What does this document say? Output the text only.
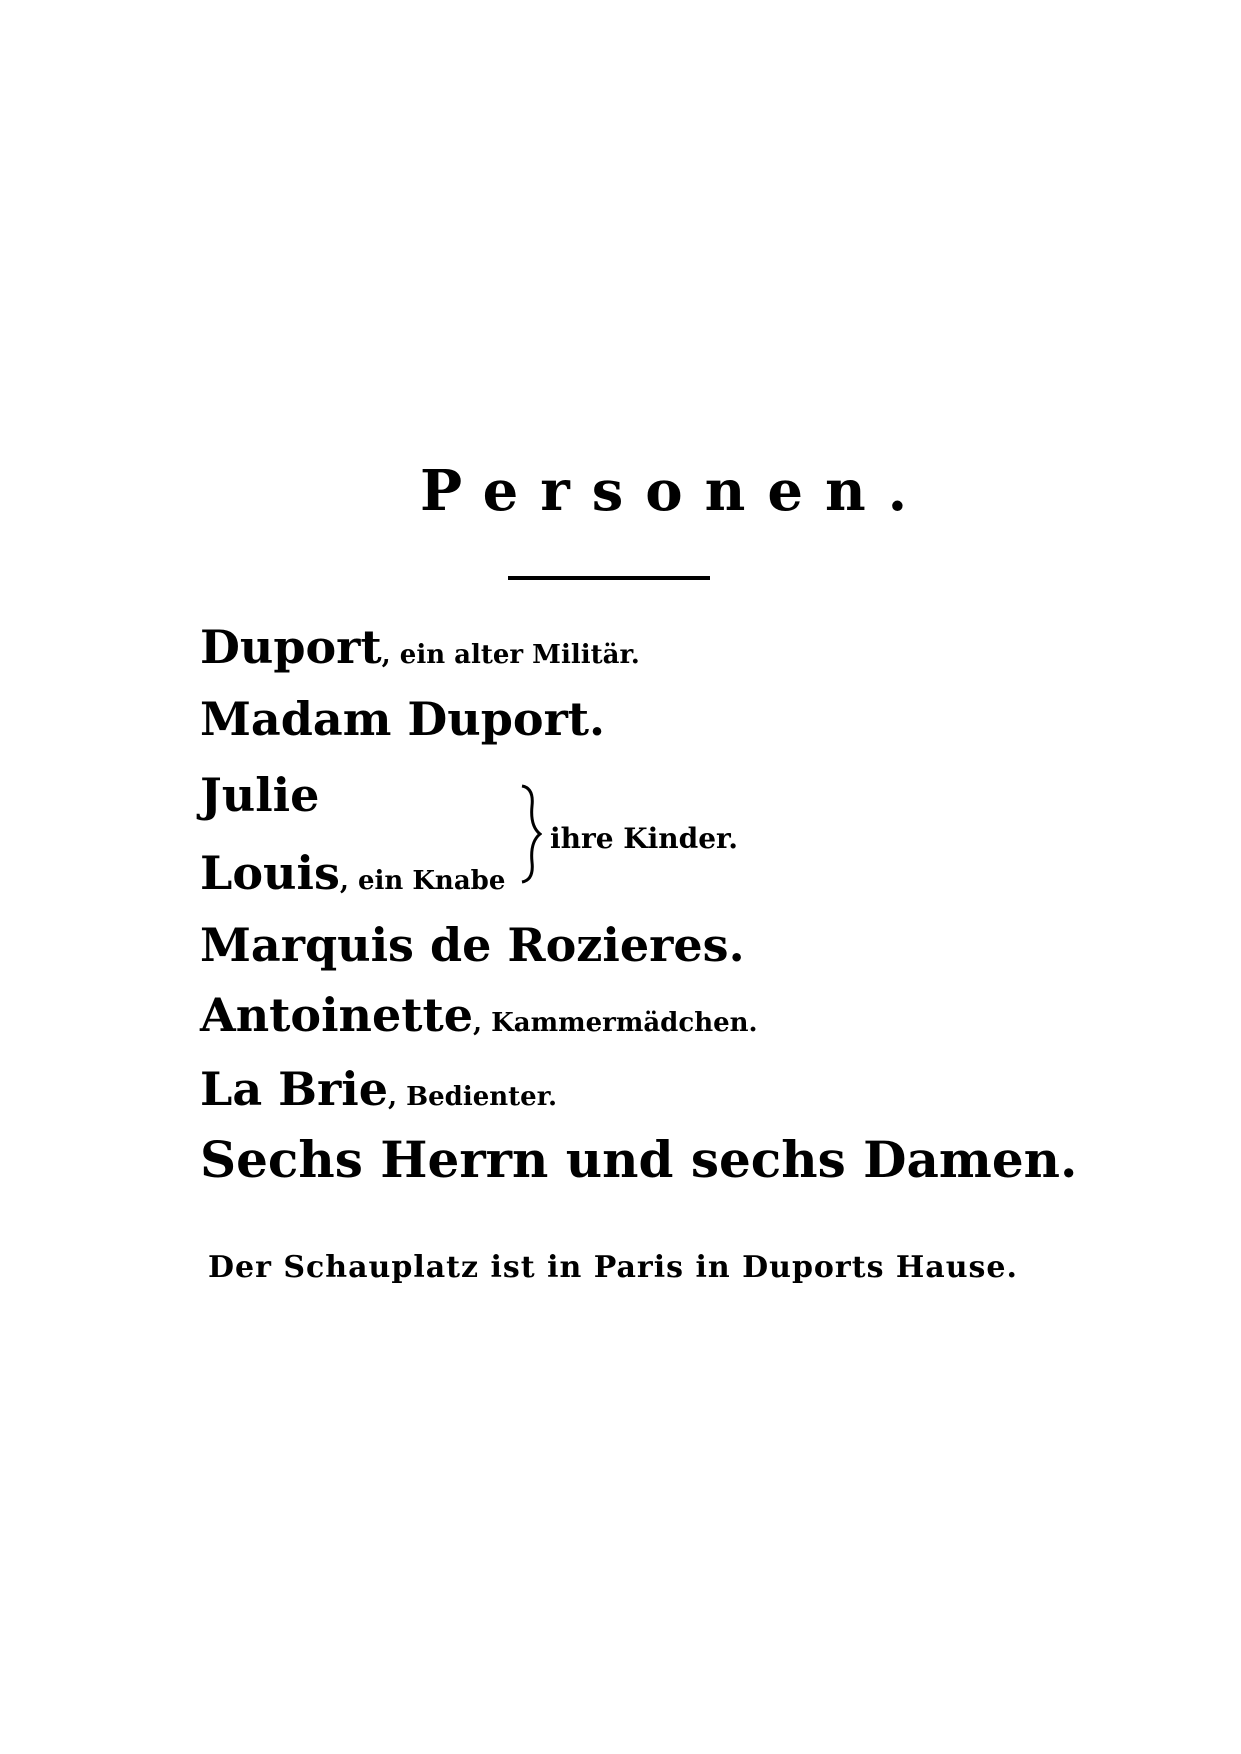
Personen.
Duport, ein alter Militär.
Madam Duport.
Julie
Louis, ein Knabe
ihre Kinder.
Marquis de Rozieres.
Antoinette, Kammermädchen.
La Brie, Bedienter.
Sechs Herrn und sechs Damen.
Der Schauplatz ist in Paris in Duports Hause.
